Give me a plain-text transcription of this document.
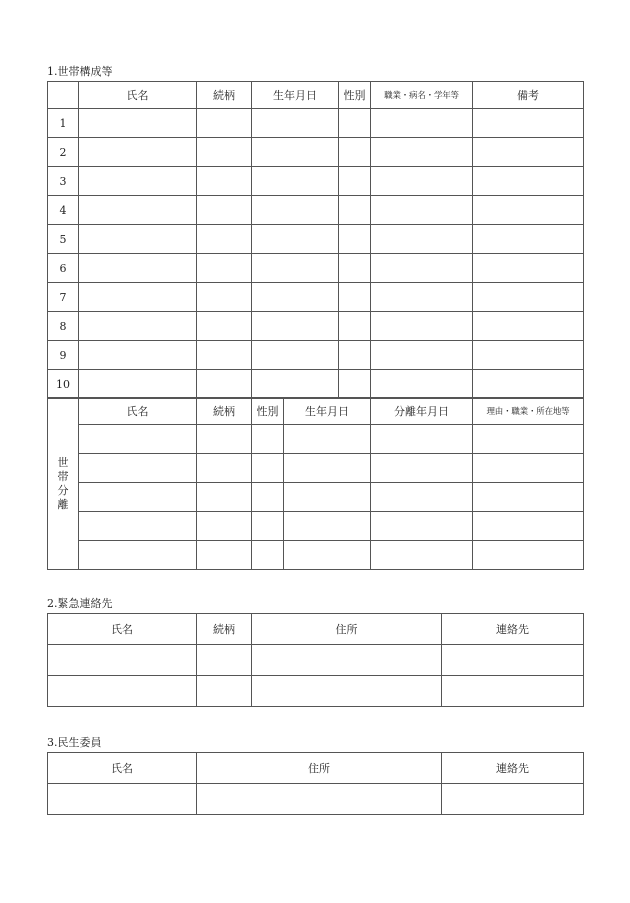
1.世帯構成等
	氏名	続柄	生年月日	性別	職業・病名・学年等	備考
1						
2						
3						
4						
5						
6						
7						
8						
9						
10						
世
帯
分
離	氏名	続柄	性別	生年月日	分離年月日	理由・職業・所在地等

2.緊急連絡先
氏名	続柄	住所	連絡先

3.民生委員
氏名	住所	連絡先
